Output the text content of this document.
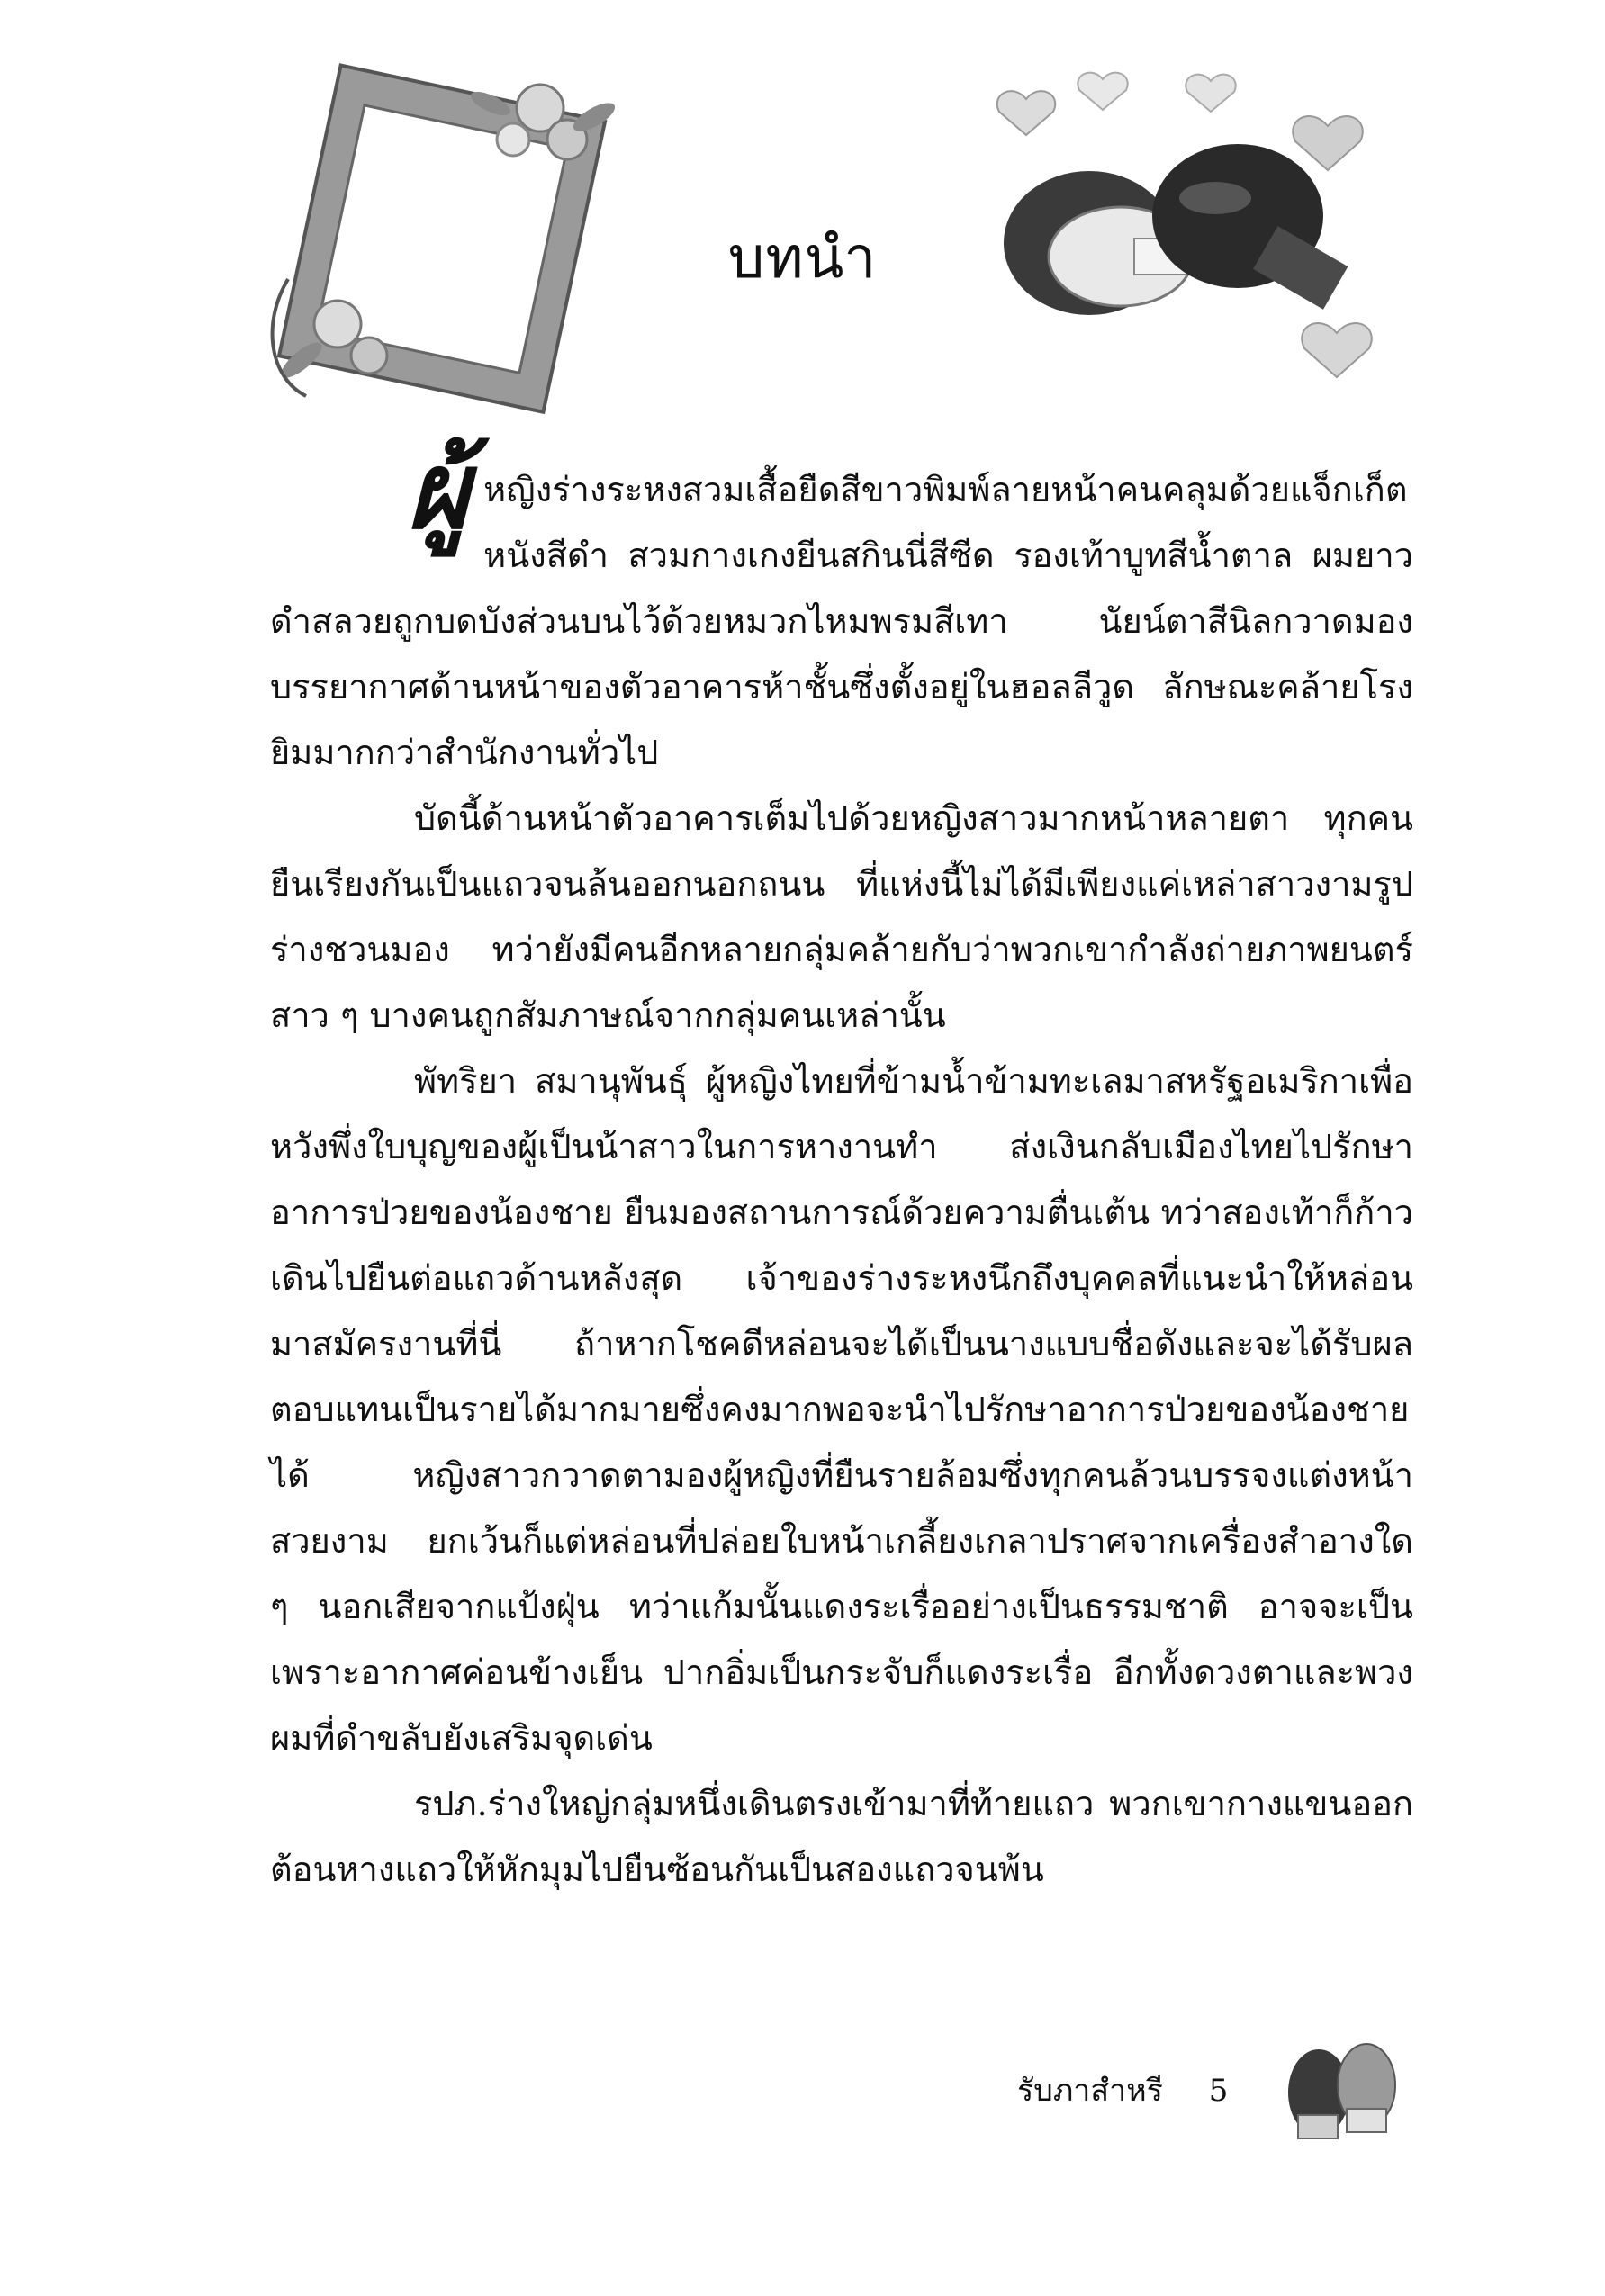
บทนำ

ผู้หญิงร่างระหงสวมเสื้อยืดสีขาวพิมพ์ลายหน้าคนคลุมด้วยแจ็กเก็ตหนังสีดำ สวมกางเกงยีนสกินนี่สีซีด รองเท้าบูทสีน้ำตาล ผมยาวดำสลวยถูกบดบังส่วนบนไว้ด้วยหมวกไหมพรมสีเทา นัยน์ตาสีนิลกวาดมองบรรยากาศด้านหน้าของตัวอาคารห้าชั้นซึ่งตั้งอยู่ในฮอลลีวูด ลักษณะคล้ายโรงยิมมากกว่าสำนักงานทั่วไป

บัดนี้ด้านหน้าตัวอาคารเต็มไปด้วยหญิงสาวมากหน้าหลายตา ทุกคนยืนเรียงกันเป็นแถวจนล้นออกนอกถนน ที่แห่งนี้ไม่ได้มีเพียงแค่เหล่าสาวงามรูปร่างชวนมอง ทว่ายังมีคนอีกหลายกลุ่มคล้ายกับว่าพวกเขากำลังถ่ายภาพยนตร์ สาว ๆ บางคนถูกสัมภาษณ์จากกลุ่มคนเหล่านั้น

พัทริยา สมานุพันธุ์ ผู้หญิงไทยที่ข้ามน้ำข้ามทะเลมาสหรัฐอเมริกาเพื่อหวังพึ่งใบบุญของผู้เป็นน้าสาวในการหางานทำ ส่งเงินกลับเมืองไทยไปรักษาอาการป่วยของน้องชาย ยืนมองสถานการณ์ด้วยความตื่นเต้น ทว่าสองเท้าก็ก้าวเดินไปยืนต่อแถวด้านหลังสุด เจ้าของร่างระหงนึกถึงบุคคลที่แนะนำให้หล่อนมาสมัครงานที่นี่ ถ้าหากโชคดีหล่อนจะได้เป็นนางแบบชื่อดังและจะได้รับผลตอบแทนเป็นรายได้มากมายซึ่งคงมากพอจะนำไปรักษาอาการป่วยของน้องชายได้ หญิงสาวกวาดตามองผู้หญิงที่ยืนรายล้อมซึ่งทุกคนล้วนบรรจงแต่งหน้าสวยงาม ยกเว้นก็แต่หล่อนที่ปล่อยใบหน้าเกลี้ยงเกลาปราศจากเครื่องสำอางใด ๆ นอกเสียจากแป้งฝุ่น ทว่าแก้มนั้นแดงระเรื่ออย่างเป็นธรรมชาติ อาจจะเป็นเพราะอากาศค่อนข้างเย็น ปากอิ่มเป็นกระจับก็แดงระเรื่อ อีกทั้งดวงตาและพวงผมที่ดำขลับยังเสริมจุดเด่น

รปภ.ร่างใหญ่กลุ่มหนึ่งเดินตรงเข้ามาที่ท้ายแถว พวกเขากางแขนออกต้อนหางแถวให้หักมุมไปยืนซ้อนกันเป็นสองแถวจนพ้น

รับภาสำหรี 5
